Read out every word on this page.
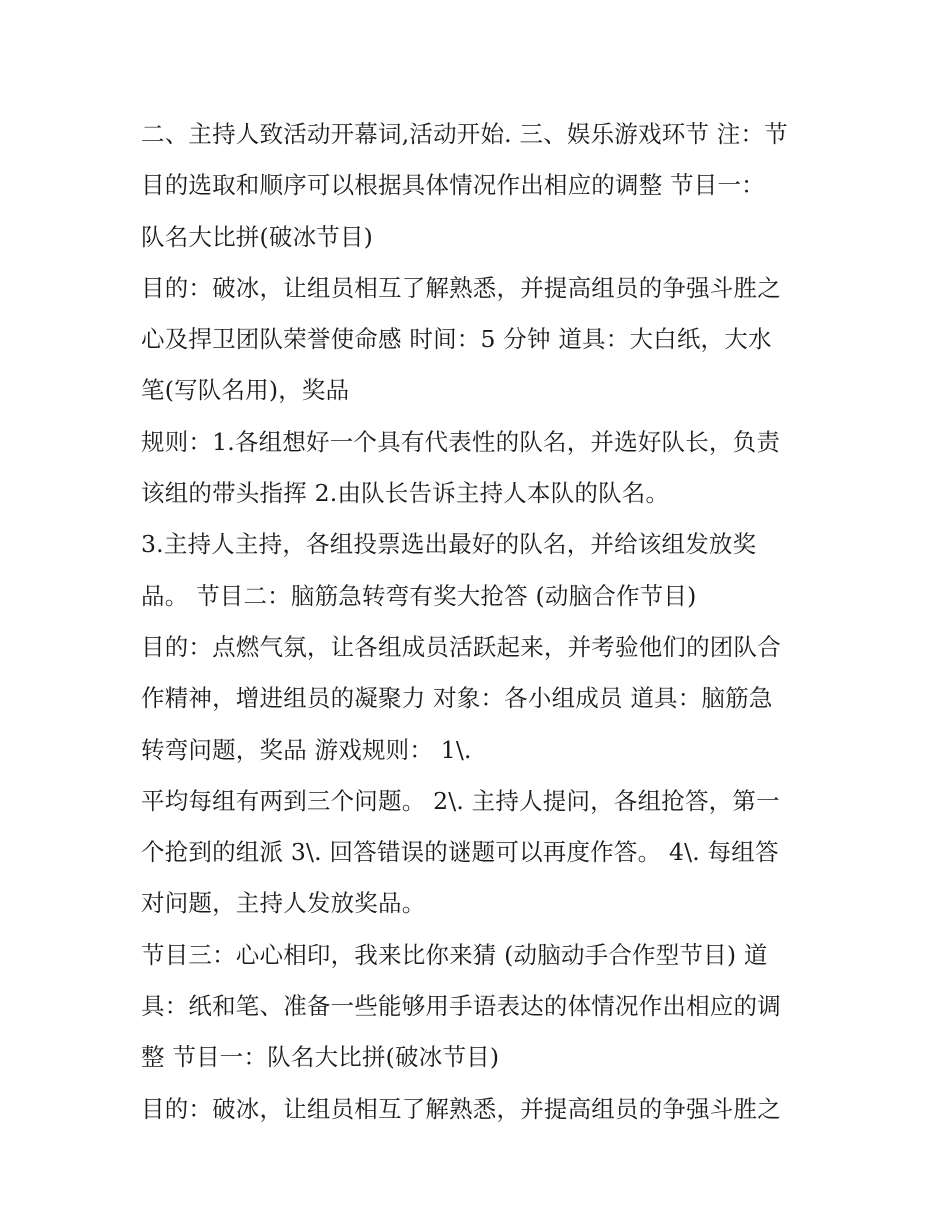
二、主持人致活动开幕词,活动开始. 三、娱乐游戏环节 注：节
目的选取和顺序可以根据具体情况作出相应的调整 节目一：
队名大比拼(破冰节目)
目的：破冰，让组员相互了解熟悉，并提高组员的争强斗胜之
心及捍卫团队荣誉使命感 时间：5 分钟 道具：大白纸，大水
笔(写队名用)，奖品
规则：1.各组想好一个具有代表性的队名，并选好队长，负责
该组的带头指挥 2.由队长告诉主持人本队的队名。
3.主持人主持，各组投票选出最好的队名，并给该组发放奖
品。 节目二：脑筋急转弯有奖大抢答 (动脑合作节目)
目的：点燃气氛，让各组成员活跃起来，并考验他们的团队合
作精神，增进组员的凝聚力 对象：各小组成员 道具：脑筋急
转弯问题，奖品 游戏规则： 1\.
平均每组有两到三个问题。 2\. 主持人提问，各组抢答，第一
个抢到的组派 3\. 回答错误的谜题可以再度作答。 4\. 每组答
对问题，主持人发放奖品。
节目三：心心相印，我来比你来猜 (动脑动手合作型节目) 道
具：纸和笔、准备一些能够用手语表达的体情况作出相应的调
整 节目一：队名大比拼(破冰节目)
目的：破冰，让组员相互了解熟悉，并提高组员的争强斗胜之
